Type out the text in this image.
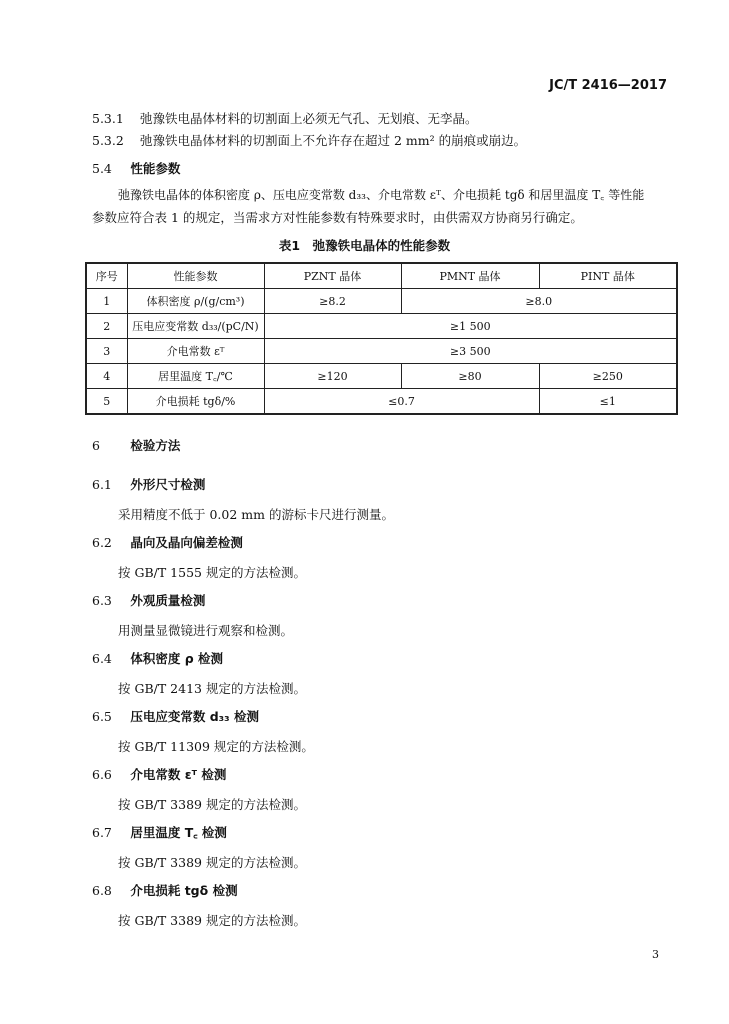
JC/T 2416—2017
5.3.1 弛豫铁电晶体材料的切割面上必须无气孔、无划痕、无孪晶。
5.3.2 弛豫铁电晶体材料的切割面上不允许存在超过 2 mm² 的崩痕或崩边。
5.4 性能参数
弛豫铁电晶体的体积密度 ρ、压电应变常数 d₃₃、介电常数 εᵀ、介电损耗 tgδ 和居里温度 T꜀ 等性能
参数应符合表 1 的规定，当需求方对性能参数有特殊要求时，由供需双方协商另行确定。
表1　弛豫铁电晶体的性能参数
序号	性能参数	PZNT 晶体	PMNT 晶体	PINT 晶体
1	体积密度 ρ/(g/cm³)	≥8.2	≥8.0	
2	压电应变常数 d₃₃/(pC/N)	≥1 500		
3	介电常数 εᵀ	≥3 500		
4	居里温度 T꜀/℃	≥120	≥80	≥250
5	介电损耗 tgδ/%	≤0.7		≤1
6 检验方法
6.1 外形尺寸检测
采用精度不低于 0.02 mm 的游标卡尺进行测量。
6.2 晶向及晶向偏差检测
按 GB/T 1555 规定的方法检测。
6.3 外观质量检测
用测量显微镜进行观察和检测。
6.4 体积密度 ρ 检测
按 GB/T 2413 规定的方法检测。
6.5 压电应变常数 d₃₃ 检测
按 GB/T 11309 规定的方法检测。
6.6 介电常数 εᵀ 检测
按 GB/T 3389 规定的方法检测。
6.7 居里温度 T꜀ 检测
按 GB/T 3389 规定的方法检测。
6.8 介电损耗 tgδ 检测
按 GB/T 3389 规定的方法检测。
3
